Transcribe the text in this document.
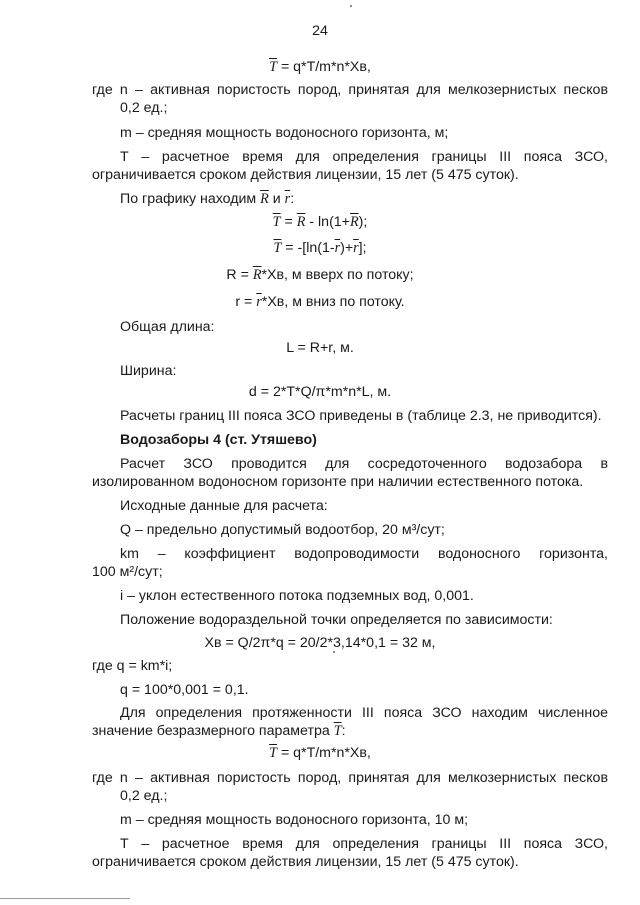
24
$\overline{T} = q*T/m*n*Xв$,
где n – активная пористость пород, принятая для мелкозернистых песков
0,2 ед.;
m – средняя мощность водоносного горизонта, м;
Т – расчетное время для определения границы III пояса ЗСО,
ограничивается сроком действия лицензии, 15 лет (5 475 суток).
По графику находим $\overline{R}$ и $\overline{r}$:
$\overline{T} = \overline{R} - \ln(1+\overline{R})$;
$\overline{T} = -[\ln(1-\overline{r})+\overline{r}]$;
$R = \overline{R}*Xв$, м вверх по потоку;
$r = \overline{r}*Xв$, м вниз по потоку.
Общая длина:
L = R+r, м.
Ширина:
d = 2*T*Q/π*m*n*L, м.
Расчеты границ III пояса ЗСО приведены в (таблице 2.3, не приводится).
Водозаборы 4 (ст. Утяшево)
Расчет ЗСО проводится для сосредоточенного водозабора в
изолированном водоносном горизонте при наличии естественного потока.
Исходные данные для расчета:
Q – предельно допустимый водоотбор, 20 м³/сут;
km – коэффициент водопроводимости водоносного горизонта,
100 м²/сут;
i – уклон естественного потока подземных вод, 0,001.
Положение водораздельной точки определяется по зависимости:
Xв = Q/2π*q = 20/2*3,14*0,1 = 32 м,
где q = km*i;
q = 100*0,001 = 0,1.
Для определения протяженности III пояса ЗСО находим численное
значение безразмерного параметра $\overline{T}$:
$\overline{T} = q*T/m*n*Xв$,
где n – активная пористость пород, принятая для мелкозернистых песков
0,2 ед.;
m – средняя мощность водоносного горизонта, 10 м;
Т – расчетное время для определения границы III пояса ЗСО,
ограничивается сроком действия лицензии, 15 лет (5 475 суток).
